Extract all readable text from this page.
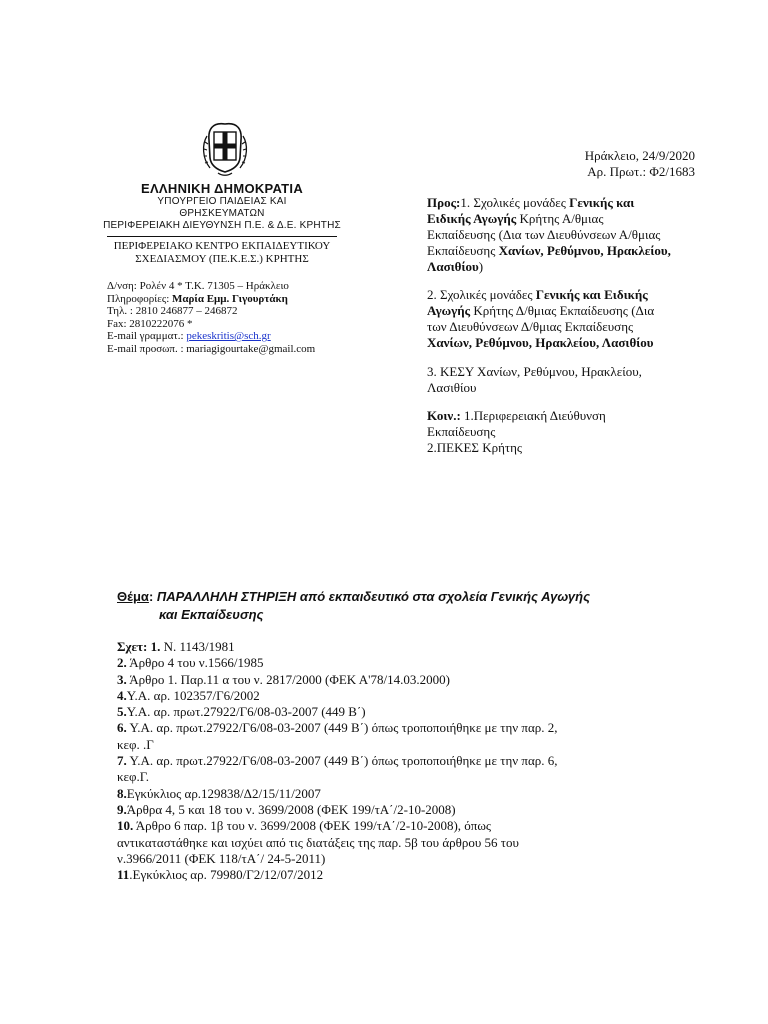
ΕΛΛΗΝΙΚΗ ΔΗΜΟΚΡΑΤΙΑ
ΥΠΟΥΡΓΕΙΟ ΠΑΙΔΕΙΑΣ ΚΑΙ
ΘΡΗΣΚΕΥΜΑΤΩΝ
ΠΕΡΙΦΕΡΕΙΑΚΗ ΔΙΕΥΘΥΝΣΗ Π.Ε. & Δ.Ε. ΚΡΗΤΗΣ
ΠΕΡΙΦΕΡΕΙΑΚΟ ΚΕΝΤΡΟ ΕΚΠΑΙΔΕΥΤΙΚΟΥ
ΣΧΕΔΙΑΣΜΟΥ (ΠΕ.Κ.Ε.Σ.) ΚΡΗΤΗΣ
Δ/νση: Ρολέν 4 * Τ.Κ. 71305 – Ηράκλειο
Πληροφορίες: Μαρία Εμμ. Γιγουρτάκη
Τηλ. : 2810 246877 – 246872
Fax: 2810222076 *
E-mail γραμματ.: pekeskritis@sch.gr
E-mail προσωπ. : mariagigourtake@gmail.com
Ηράκλειο, 24/9/2020
Αρ. Πρωτ.: Φ2/1683
Προς:1. Σχολικές μονάδες Γενικής και
Ειδικής Αγωγής Κρήτης Α/θμιας
Εκπαίδευσης (Δια των Διευθύνσεων Α/θμιας
Εκπαίδευσης Χανίων, Ρεθύμνου, Ηρακλείου,
Λασιθίου)
2. Σχολικές μονάδες Γενικής και Ειδικής
Αγωγής Κρήτης Δ/θμιας Εκπαίδευσης (Δια
των Διευθύνσεων Δ/θμιας Εκπαίδευσης
Χανίων, Ρεθύμνου, Ηρακλείου, Λασιθίου
3. ΚΕΣΥ Χανίων, Ρεθύμνου, Ηρακλείου,
Λασιθίου
Κοιν.: 1.Περιφερειακή Διεύθυνση
Εκπαίδευσης
2.ΠΕΚΕΣ Κρήτης
Θέμα: ΠΑΡΑΛΛΗΛΗ ΣΤΗΡΙΞΗ από εκπαιδευτικό στα σχολεία Γενικής Αγωγής
και Εκπαίδευσης
Σχετ: 1. Ν. 1143/1981
2. Άρθρο 4 του ν.1566/1985
3. Άρθρο 1. Παρ.11 α του ν. 2817/2000 (ΦΕΚ Α'78/14.03.2000)
4.Υ.Α. αρ. 102357/Γ6/2002
5.Υ.Α. αρ. πρωτ.27922/Γ6/08-03-2007 (449 Β΄)
6. Υ.Α. αρ. πρωτ.27922/Γ6/08-03-2007 (449 Β΄) όπως τροποποιήθηκε με την παρ. 2,
κεφ. .Γ
7. Υ.Α. αρ. πρωτ.27922/Γ6/08-03-2007 (449 Β΄) όπως τροποποιήθηκε με την παρ. 6,
κεφ.Γ.
8.Εγκύκλιος αρ.129838/Δ2/15/11/2007
9.Άρθρα 4, 5 και 18 του ν. 3699/2008 (ΦΕΚ 199/τΑ΄/2-10-2008)
10. Άρθρο 6 παρ. 1β του ν. 3699/2008 (ΦΕΚ 199/τΑ΄/2-10-2008), όπως
αντικαταστάθηκε και ισχύει από τις διατάξεις της παρ. 5β του άρθρου 56 του
ν.3966/2011 (ΦΕΚ 118/τΑ΄/ 24-5-2011)
11.Εγκύκλιος αρ. 79980/Γ2/12/07/2012
